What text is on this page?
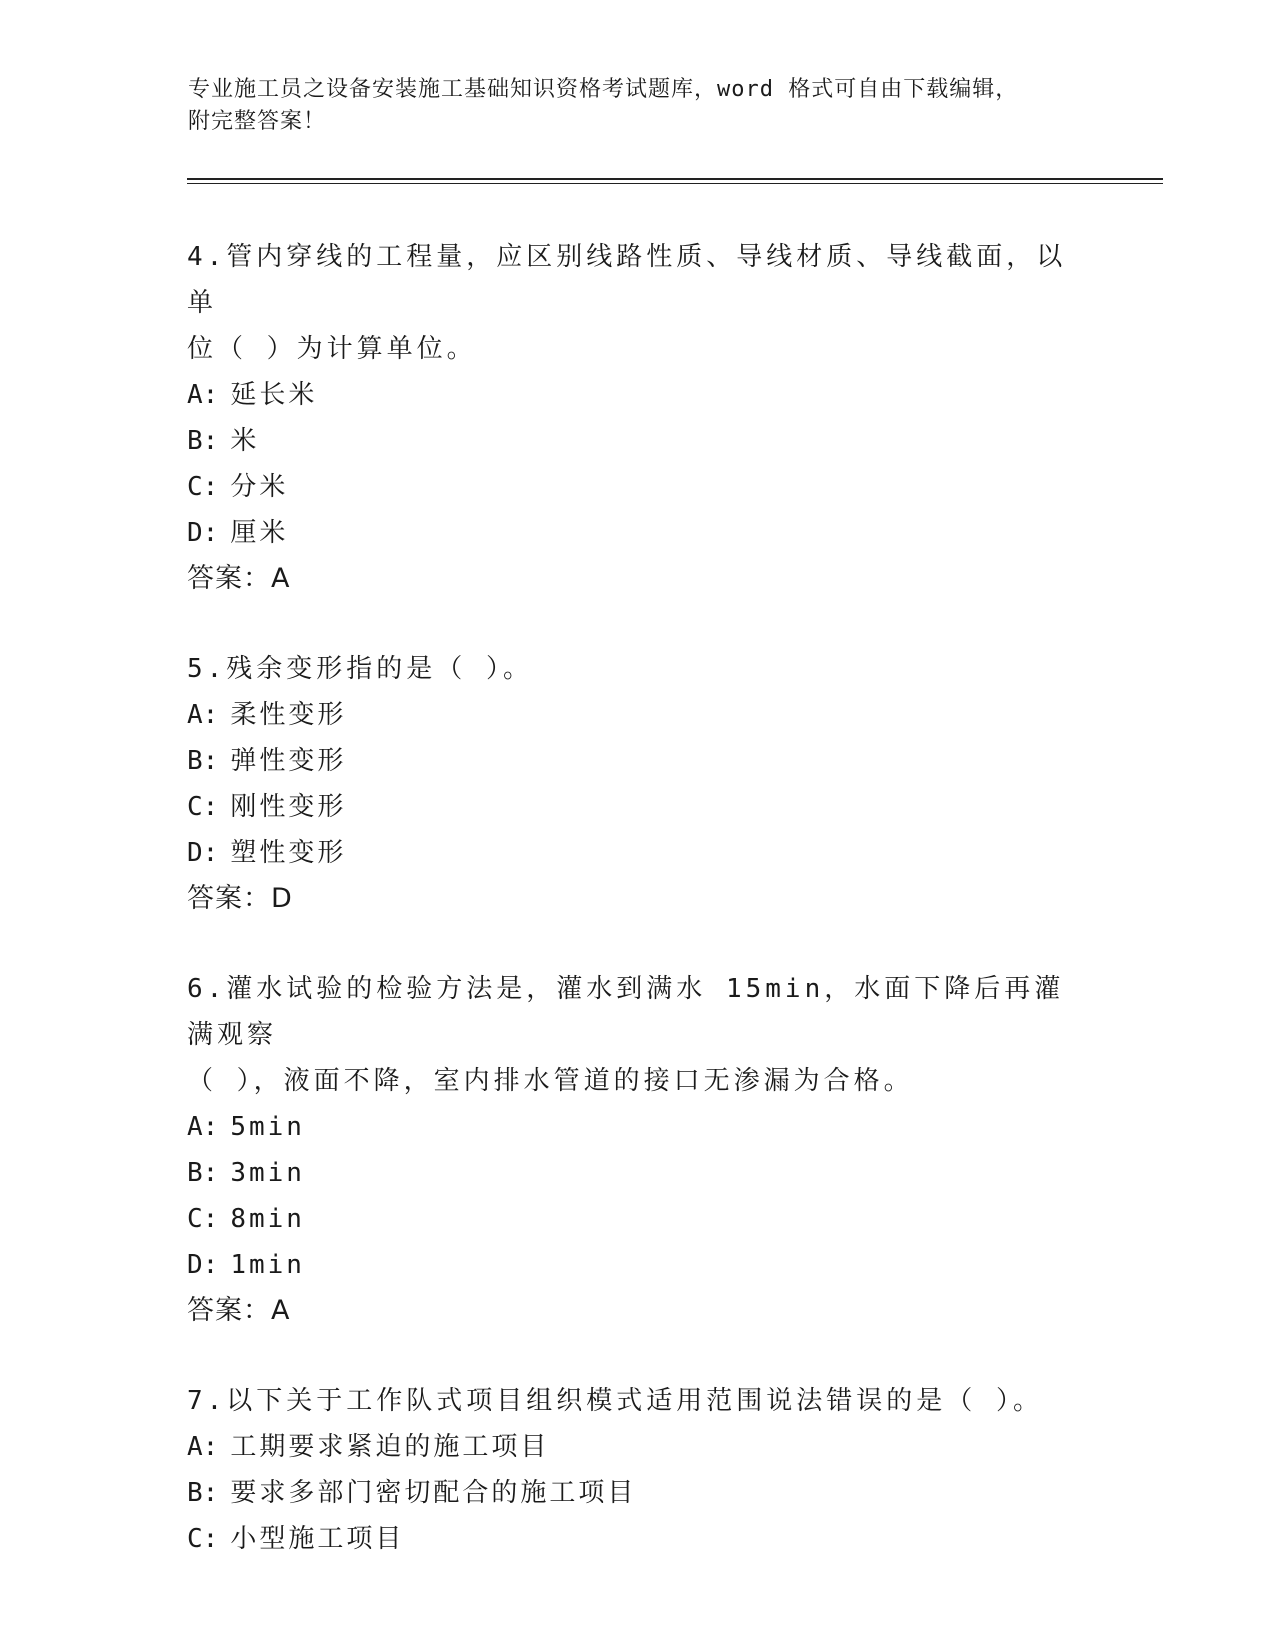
专业施工员之设备安装施工基础知识资格考试题库，word 格式可自由下载编辑，
附完整答案！

4.管内穿线的工程量，应区别线路性质、导线材质、导线截面，以单

位（ ）为计算单位。

A: 延长米

B: 米

C: 分米

D: 厘米

答案：A

5.残余变形指的是（ ）。

A: 柔性变形

B: 弹性变形

C: 刚性变形

D: 塑性变形

答案：D

6.灌水试验的检验方法是，灌水到满水 15min，水面下降后再灌满观察

（ ），液面不降，室内排水管道的接口无渗漏为合格。

A: 5min

B: 3min

C: 8min

D: 1min

答案：A

7.以下关于工作队式项目组织模式适用范围说法错误的是（ ）。

A: 工期要求紧迫的施工项目

B: 要求多部门密切配合的施工项目

C: 小型施工项目
